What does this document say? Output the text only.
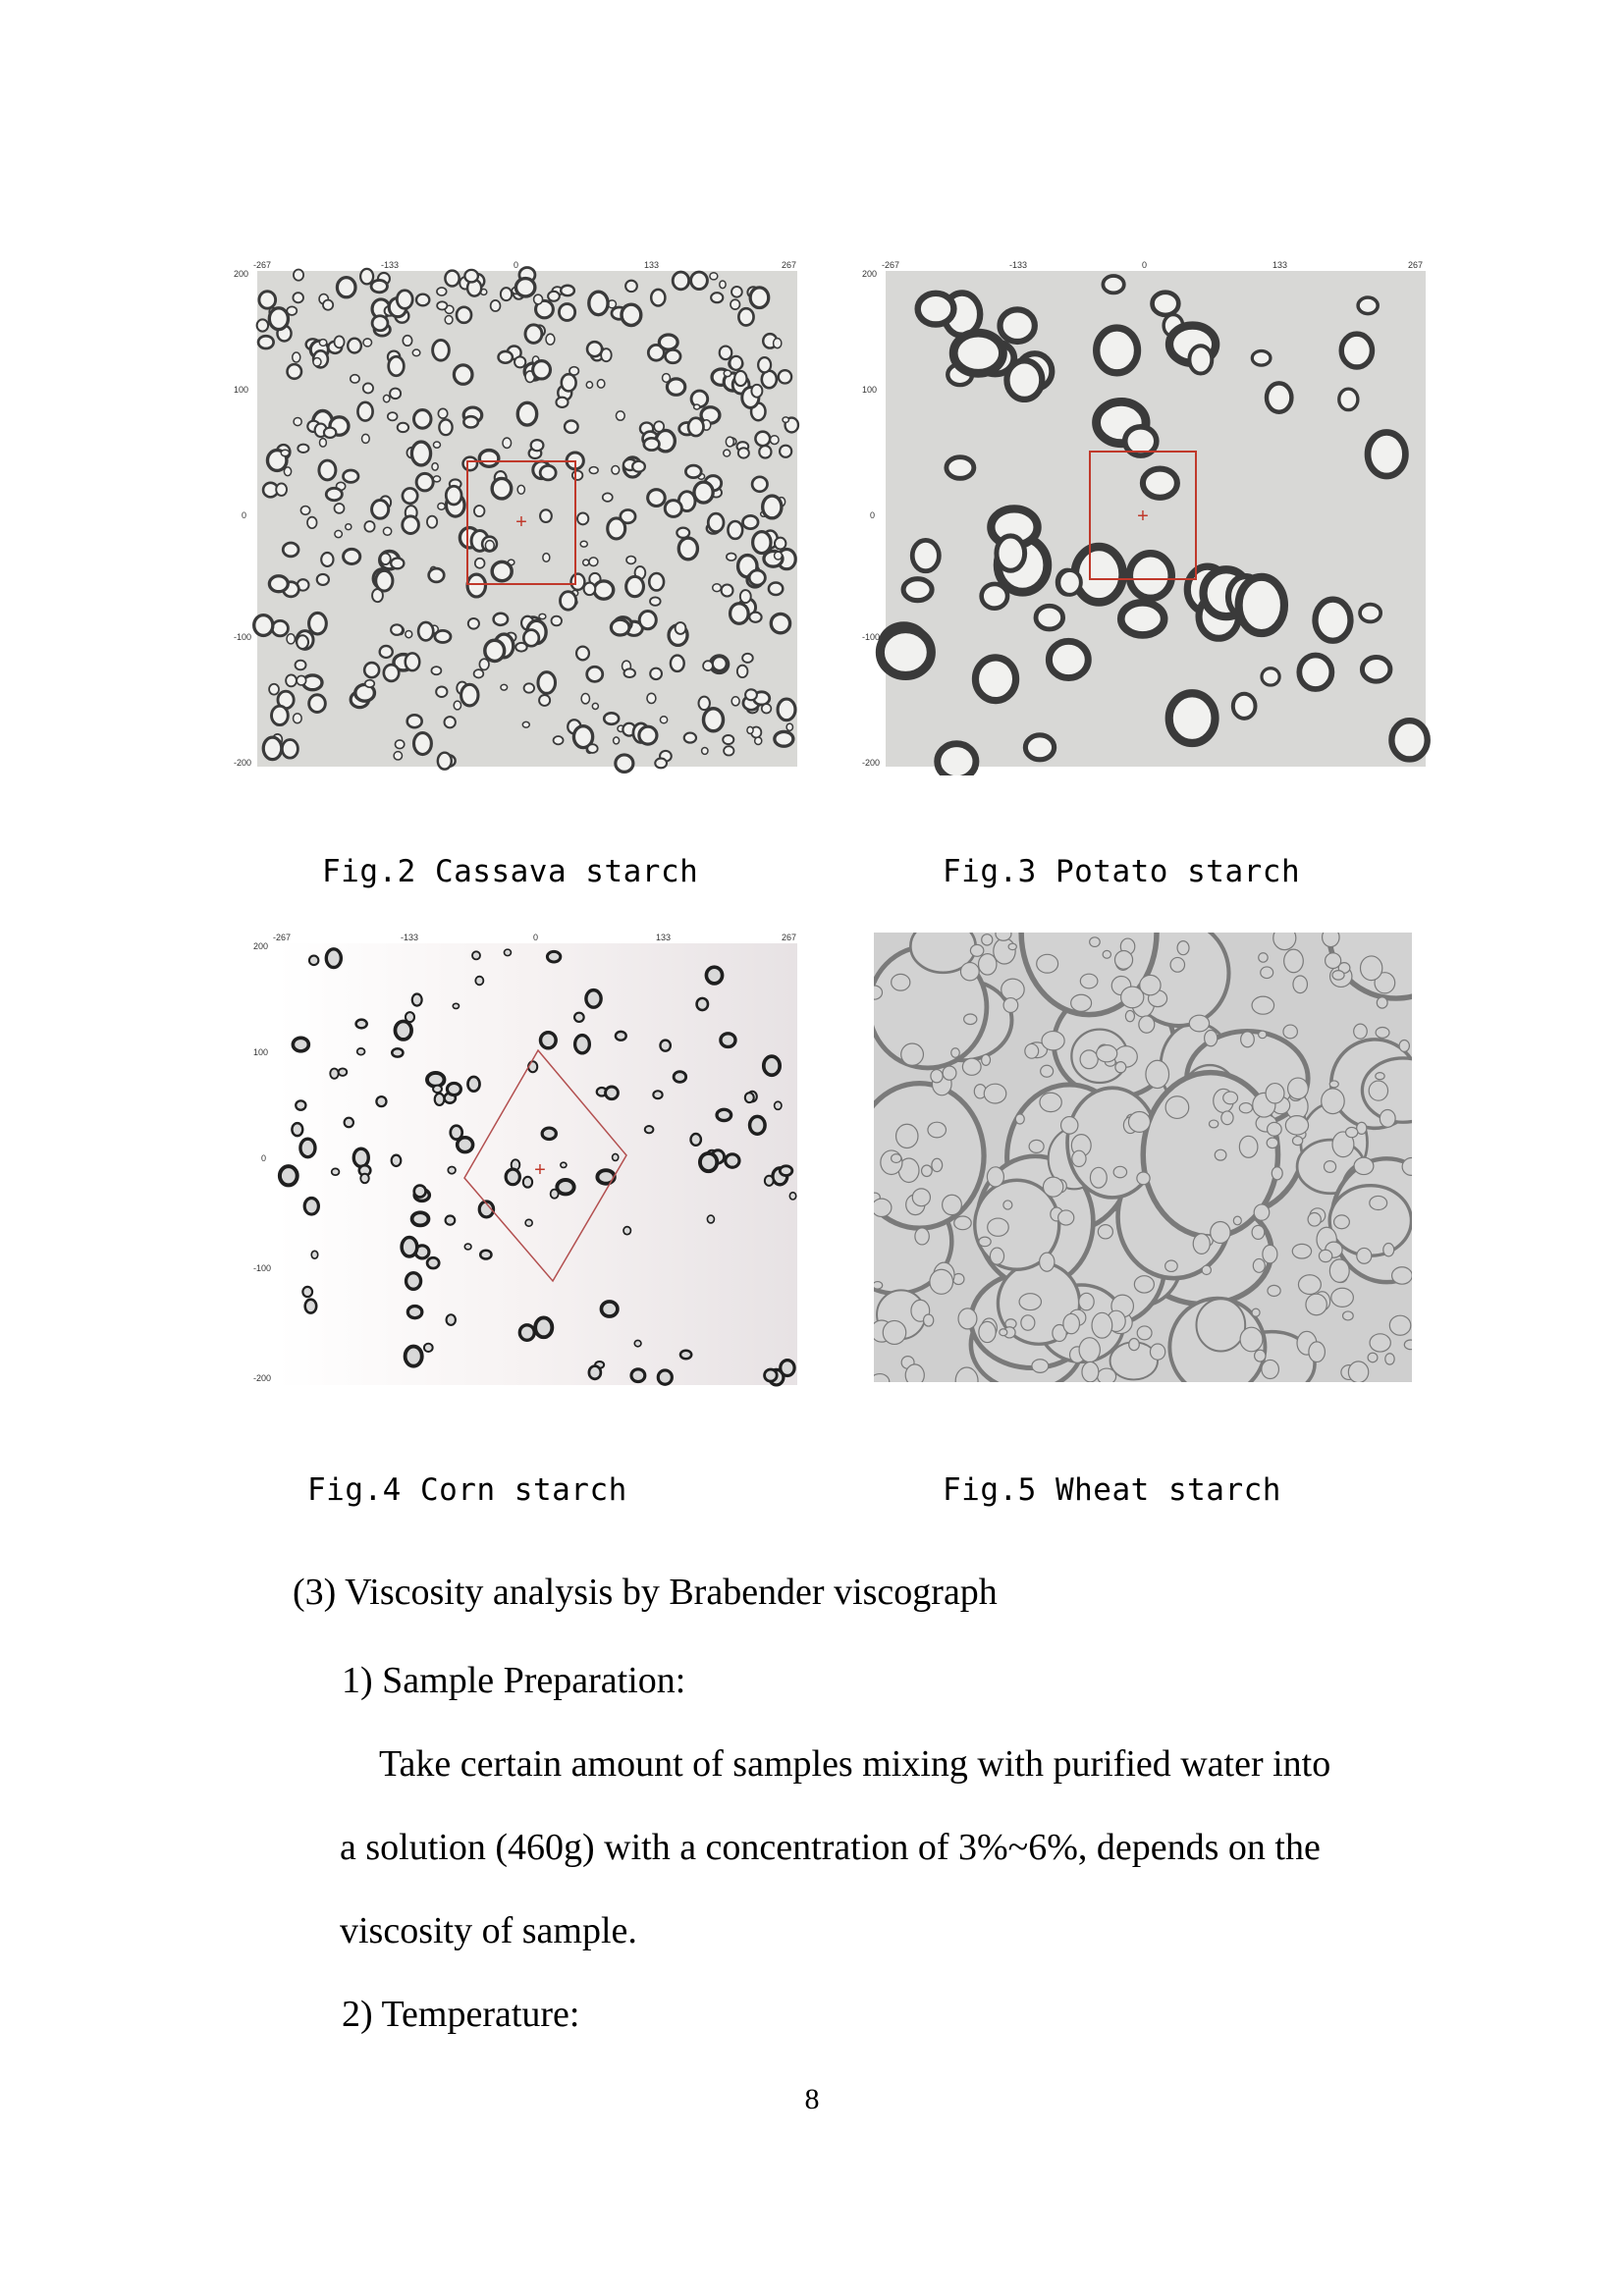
+
-267	-133	0	133	267
200
100
0
-100
-200
Fig.2 Cassava starch
+
-267	-133	0	133	267
200
100
0
-100
-200
Fig.3 Potato starch
+
-267	-133	0	133	267
200
100
0
-100
-200
Fig.4 Corn starch	Fig.5 Wheat starch
(3) Viscosity analysis by Brabender viscograph
1) Sample Preparation:
Take certain amount of samples mixing with purified water into
a solution (460g) with a concentration of 3%~6%, depends on the
viscosity of sample.
2) Temperature:
8
